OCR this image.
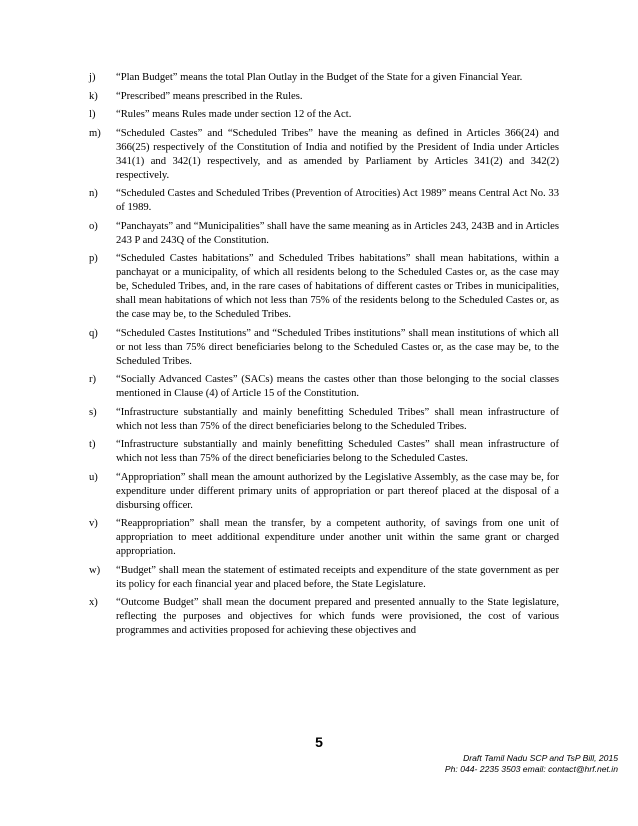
j) “Plan Budget” means the total Plan Outlay in the Budget of the State for a given Financial Year.
k) “Prescribed” means prescribed in the Rules.
l) “Rules” means Rules made under section 12 of the Act.
m) “Scheduled Castes” and “Scheduled Tribes” have the meaning as defined in Articles 366(24) and 366(25) respectively of the Constitution of India and notified by the President of India under Articles 341(1) and 342(1) respectively, and as amended by Parliament by Articles 341(2) and 342(2) respectively.
n) “Scheduled Castes and Scheduled Tribes (Prevention of Atrocities) Act 1989” means Central Act No. 33 of 1989.
o) “Panchayats” and “Municipalities” shall have the same meaning as in Articles 243, 243B and in Articles 243 P and 243Q of the Constitution.
p) “Scheduled Castes habitations” and Scheduled Tribes habitations” shall mean habitations, within a panchayat or a municipality, of which all residents belong to the Scheduled Castes or, as the case may be, Scheduled Tribes, and, in the rare cases of habitations of different castes or Tribes in municipalities, shall mean habitations of which not less than 75% of the residents belong to the Scheduled Castes or, as the case may be, to the Scheduled Tribes.
q) “Scheduled Castes Institutions” and “Scheduled Tribes institutions” shall mean institutions of which all or not less than 75% direct beneficiaries belong to the Scheduled Castes or, as the case may be, to the Scheduled Tribes.
r) “Socially Advanced Castes” (SACs) means the castes other than those belonging to the social classes mentioned in Clause (4) of Article 15 of the Constitution.
s) “Infrastructure substantially and mainly benefitting Scheduled Tribes” shall mean infrastructure of which not less than 75% of the direct beneficiaries belong to the Scheduled Tribes.
t) “Infrastructure substantially and mainly benefitting Scheduled Castes” shall mean infrastructure of which not less than 75% of the direct beneficiaries belong to the Scheduled Castes.
u) “Appropriation” shall mean the amount authorized by the Legislative Assembly, as the case may be, for expenditure under different primary units of appropriation or part thereof placed at the disposal of a disbursing officer.
v) “Reappropriation” shall mean the transfer, by a competent authority, of savings from one unit of appropriation to meet additional expenditure under another unit within the same grant or charged appropriation.
w) “Budget” shall mean the statement of estimated receipts and expenditure of the state government as per its policy for each financial year and placed before, the State Legislature.
x) “Outcome Budget” shall mean the document prepared and presented annually to the State legislature, reflecting the purposes and objectives for which funds were provisioned, the cost of various programmes and activities proposed for achieving these objectives and
5
Draft Tamil Nadu SCP and TsP Bill, 2015
Ph: 044- 2235 3503 email: contact@hrf.net.in
